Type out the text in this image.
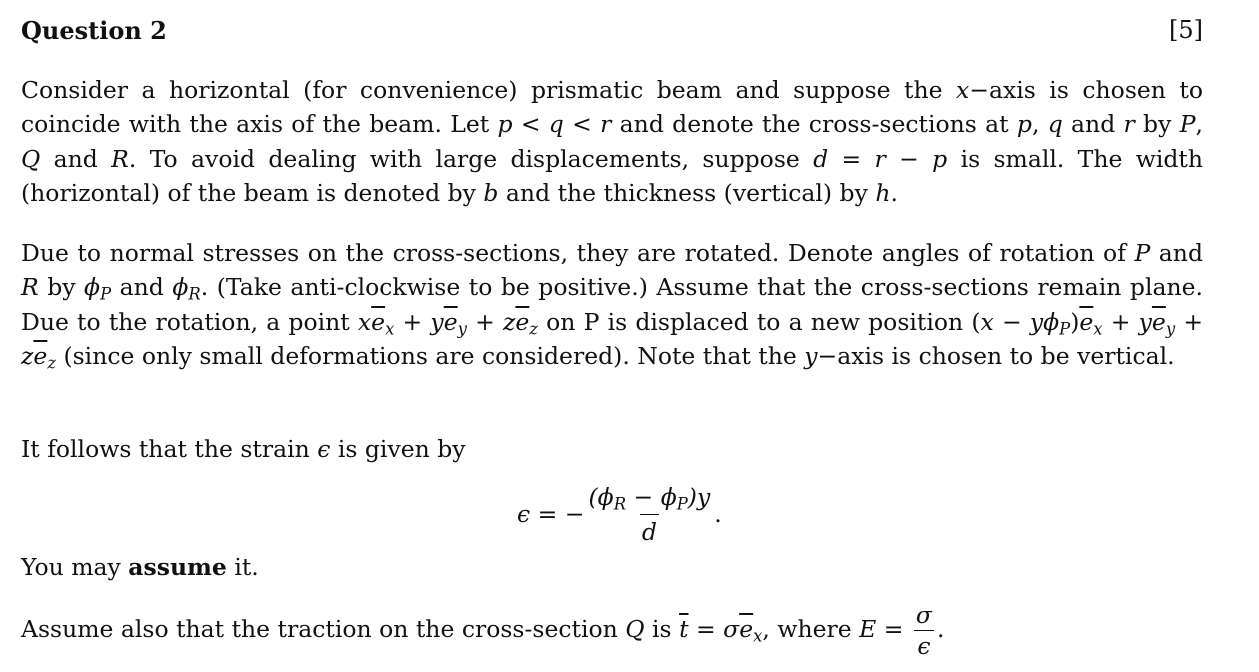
Question 2	[5]
Consider a horizontal (for convenience) prismatic beam and suppose the x−axis is chosen to coincide with the axis of the beam. Let p < q < r and denote the cross-sections at p, q and r by P, Q and R. To avoid dealing with large displacements, suppose d = r − p is small. The width (horizontal) of the beam is denoted by b and the thickness (vertical) by h.
Due to normal stresses on the cross-sections, they are rotated. Denote angles of rotation of P and R by $\phi_P$ and $\phi_R$. (Take anti-clockwise to be positive.) Assume that the cross-sections remain plane. Due to the rotation, a point $x\overline{e}_x + y\overline{e}_y + z\overline{e}_z$ on P is displaced to a new position $(x - y\phi_P)\overline{e}_x + y\overline{e}_y + z\overline{e}_z$ (since only small deformations are considered). Note that the y−axis is chosen to be vertical.
It follows that the strain ϵ is given by
ϵ = − $\frac{(\phi_R - \phi_P)y}{d}$ .
You may assume it.
Assume also that the traction on the cross-section Q is $\overline{t} = \sigma\overline{e}_x$, where $E = \frac{\sigma}{\epsilon}$ .
